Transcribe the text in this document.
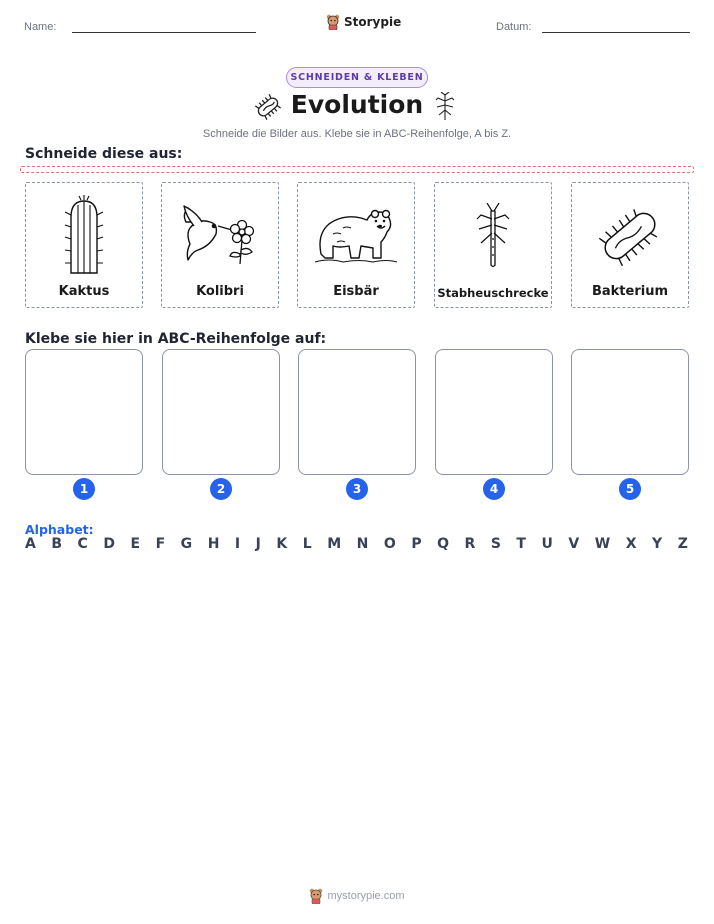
Name:	Storypie	Datum:
SCHNEIDEN & KLEBEN
Evolution
Schneide die Bilder aus. Klebe sie in ABC-Reihenfolge, A bis Z.
Schneide diese aus:
Kaktus	Kolibri	Eisbär	Stabheuschrecke	Bakterium
Klebe sie hier in ABC-Reihenfolge auf:
1	2	3	4	5
Alphabet:
A B C D E F G H I J K L M N O P Q R S T U V W X Y Z
mystorypie.com
